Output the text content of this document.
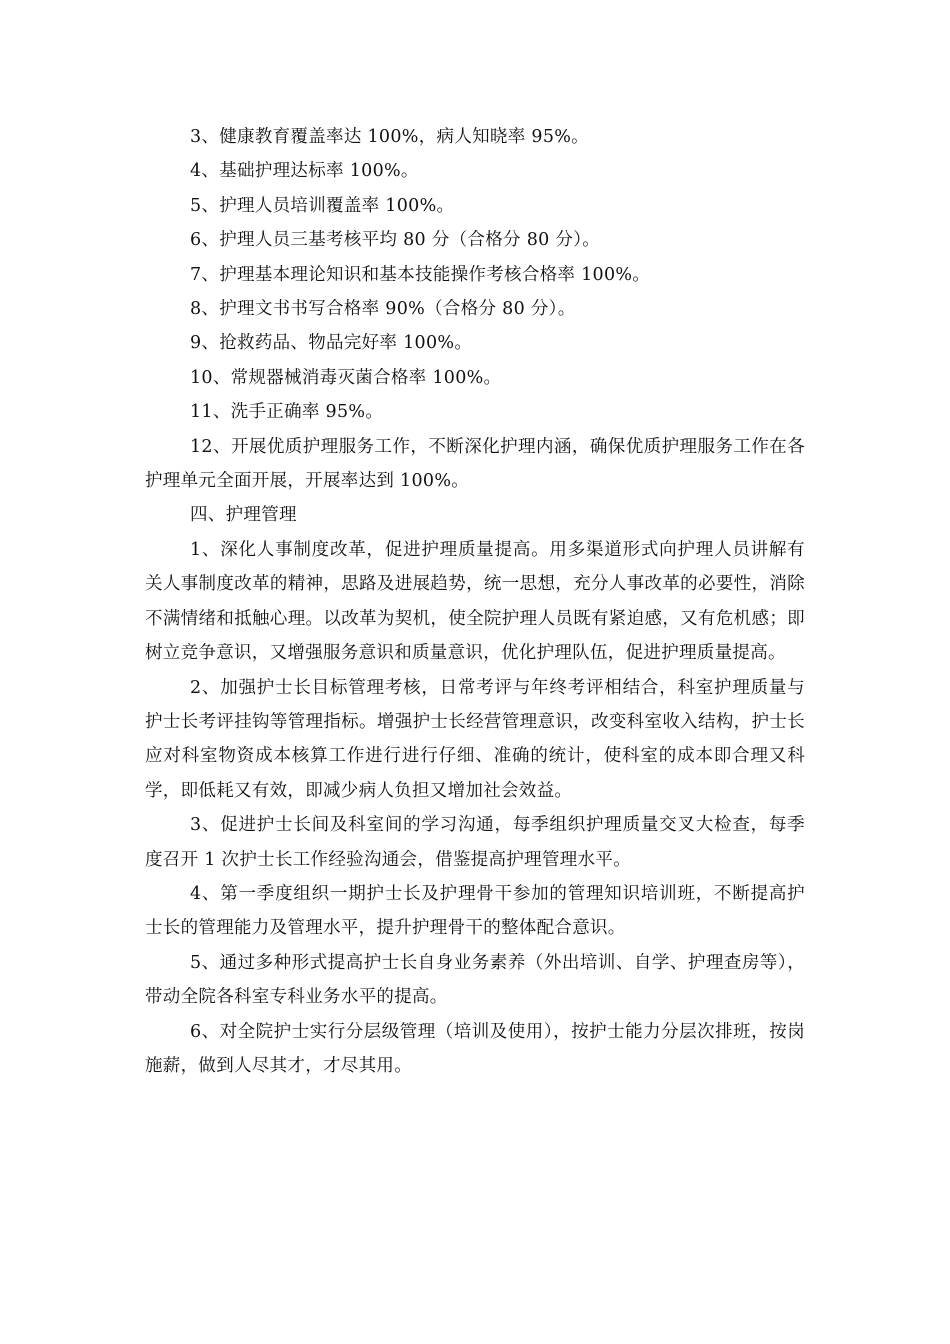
3、健康教育覆盖率达 100%，病人知晓率 95%。

4、基础护理达标率 100%。

5、护理人员培训覆盖率 100%。

6、护理人员三基考核平均 80 分（合格分 80 分）。

7、护理基本理论知识和基本技能操作考核合格率 100%。

8、护理文书书写合格率 90%（合格分 80 分）。

9、抢救药品、物品完好率 100%。

10、常规器械消毒灭菌合格率 100%。

11、洗手正确率 95%。

12、开展优质护理服务工作，不断深化护理内涵，确保优质护理服务工作在各护理单元全面开展，开展率达到 100%。

四、护理管理

1、深化人事制度改革，促进护理质量提高。用多渠道形式向护理人员讲解有关人事制度改革的精神，思路及进展趋势，统一思想，充分人事改革的必要性，消除不满情绪和抵触心理。以改革为契机，使全院护理人员既有紧迫感，又有危机感；即树立竞争意识，又增强服务意识和质量意识，优化护理队伍，促进护理质量提高。

2、加强护士长目标管理考核，日常考评与年终考评相结合，科室护理质量与护士长考评挂钩等管理指标。增强护士长经营管理意识，改变科室收入结构，护士长应对科室物资成本核算工作进行进行仔细、准确的统计，使科室的成本即合理又科学，即低耗又有效，即减少病人负担又增加社会效益。

3、促进护士长间及科室间的学习沟通，每季组织护理质量交叉大检查，每季度召开 1 次护士长工作经验沟通会，借鉴提高护理管理水平。

4、第一季度组织一期护士长及护理骨干参加的管理知识培训班，不断提高护士长的管理能力及管理水平，提升护理骨干的整体配合意识。

5、通过多种形式提高护士长自身业务素养（外出培训、自学、护理查房等），带动全院各科室专科业务水平的提高。

6、对全院护士实行分层级管理（培训及使用），按护士能力分层次排班，按岗施薪，做到人尽其才，才尽其用。
